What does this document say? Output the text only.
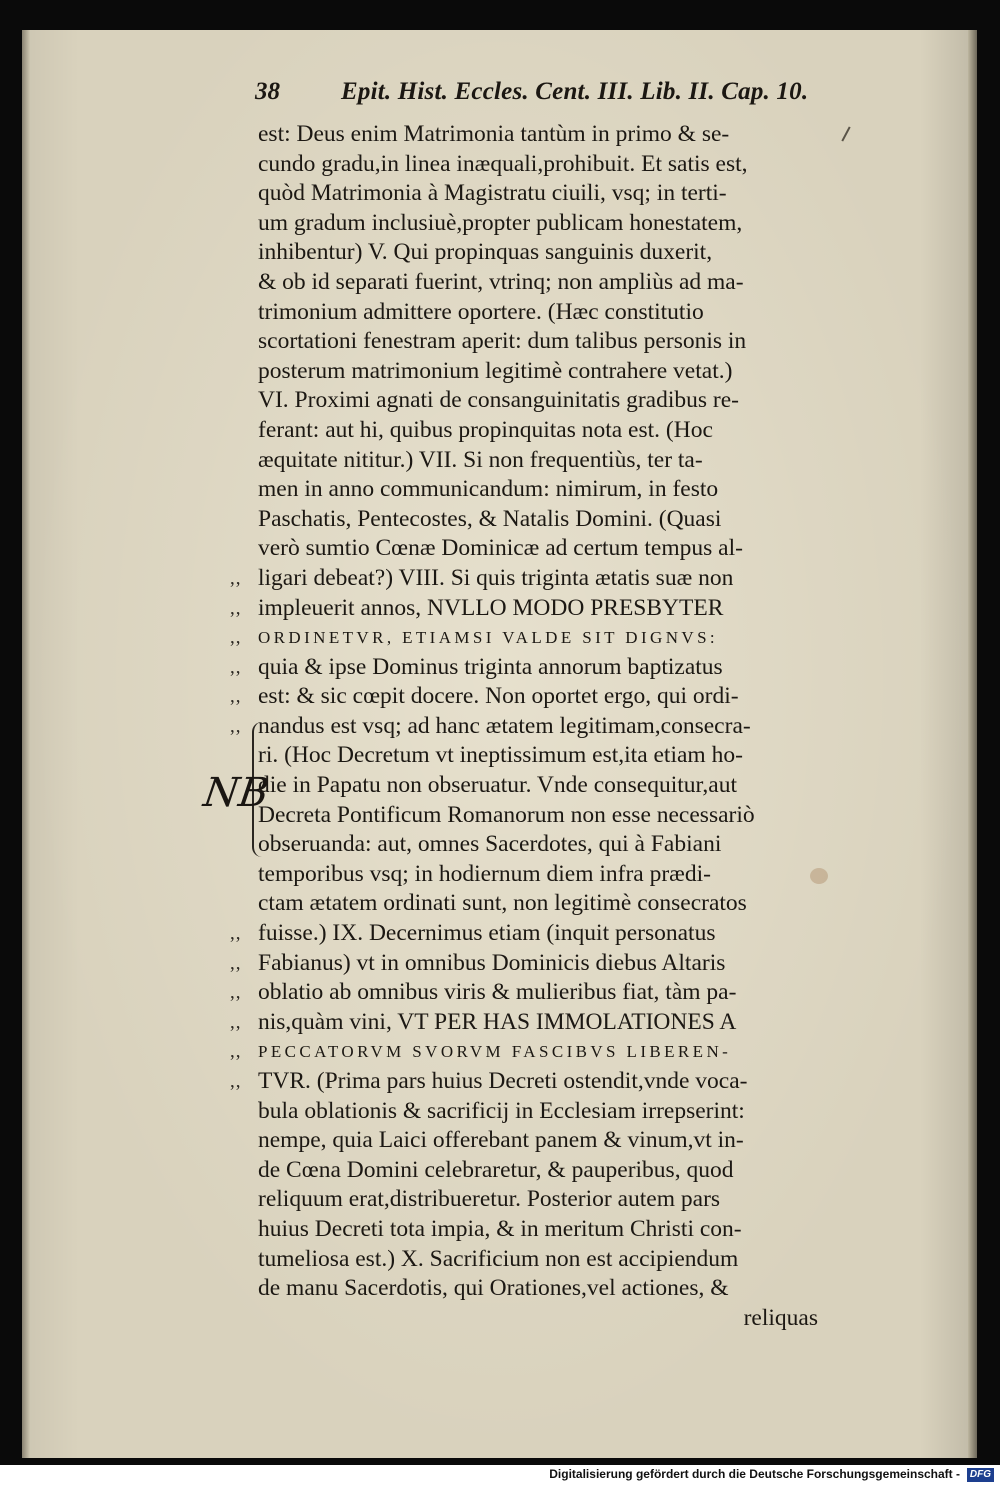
38 Epit. Hist. Eccles. Cent. III. Lib. II. Cap. 10.
NB
est: Deus enim Matrimonia tantùm in primo & se-
cundo gradu,in linea inæquali,prohibuit. Et satis est,
quòd Matrimonia à Magistratu ciuili, vsq; in terti-
um gradum inclusiuè,propter publicam honestatem,
inhibentur) V. Qui propinquas sanguinis duxerit,
& ob id separati fuerint, vtrinq; non ampliùs ad ma-
trimonium admittere oportere. (Hæc constitutio
scortationi fenestram aperit: dum talibus personis in
posterum matrimonium legitimè contrahere vetat.)
VI. Proximi agnati de consanguinitatis gradibus re-
ferant: aut hi, quibus propinquitas nota est. (Hoc
æquitate nititur.) VII. Si non frequentiùs, ter ta-
men in anno communicandum: nimirum, in festo
Paschatis, Pentecostes, & Natalis Domini. (Quasi
verò sumtio Cœnæ Dominicæ ad certum tempus al-
,, ligari debeat?) VIII. Si quis triginta ætatis suæ non
,, impleuerit annos, NVLLO MODO PRESBYTER
,, ORDINETVR, ETIAMSI VALDE SIT DIGNVS:
,, quia & ipse Dominus triginta annorum baptizatus
,, est: & sic cœpit docere. Non oportet ergo, qui ordi-
,, nandus est vsq; ad hanc ætatem legitimam,consecra-
ri. (Hoc Decretum vt ineptissimum est,ita etiam ho-
die in Papatu non obseruatur. Vnde consequitur,aut
Decreta Pontificum Romanorum non esse necessariò
obseruanda: aut, omnes Sacerdotes, qui à Fabiani
temporibus vsq; in hodiernum diem infra prædi-
ctam ætatem ordinati sunt, non legitimè consecratos
,, fuisse.) IX. Decernimus etiam (inquit personatus
,, Fabianus) vt in omnibus Dominicis diebus Altaris
,, oblatio ab omnibus viris & mulieribus fiat, tàm pa-
,, nis,quàm vini, VT PER HAS IMMOLATIONES A
,, PECCATORVM SVORVM FASCIBVS LIBEREN-
,, TVR. (Prima pars huius Decreti ostendit,vnde voca-
bula oblationis & sacrificij in Ecclesiam irrepserint:
nempe, quia Laici offerebant panem & vinum,vt in-
de Cœna Domini celebraretur, & pauperibus, quod
reliquum erat,distribueretur. Posterior autem pars
huius Decreti tota impia, & in meritum Christi con-
tumeliosa est.) X. Sacrificium non est accipiendum
de manu Sacerdotis, qui Orationes,vel actiones, &
reliquas
Digitalisierung gefördert durch die Deutsche Forschungsgemeinschaft - DFG
